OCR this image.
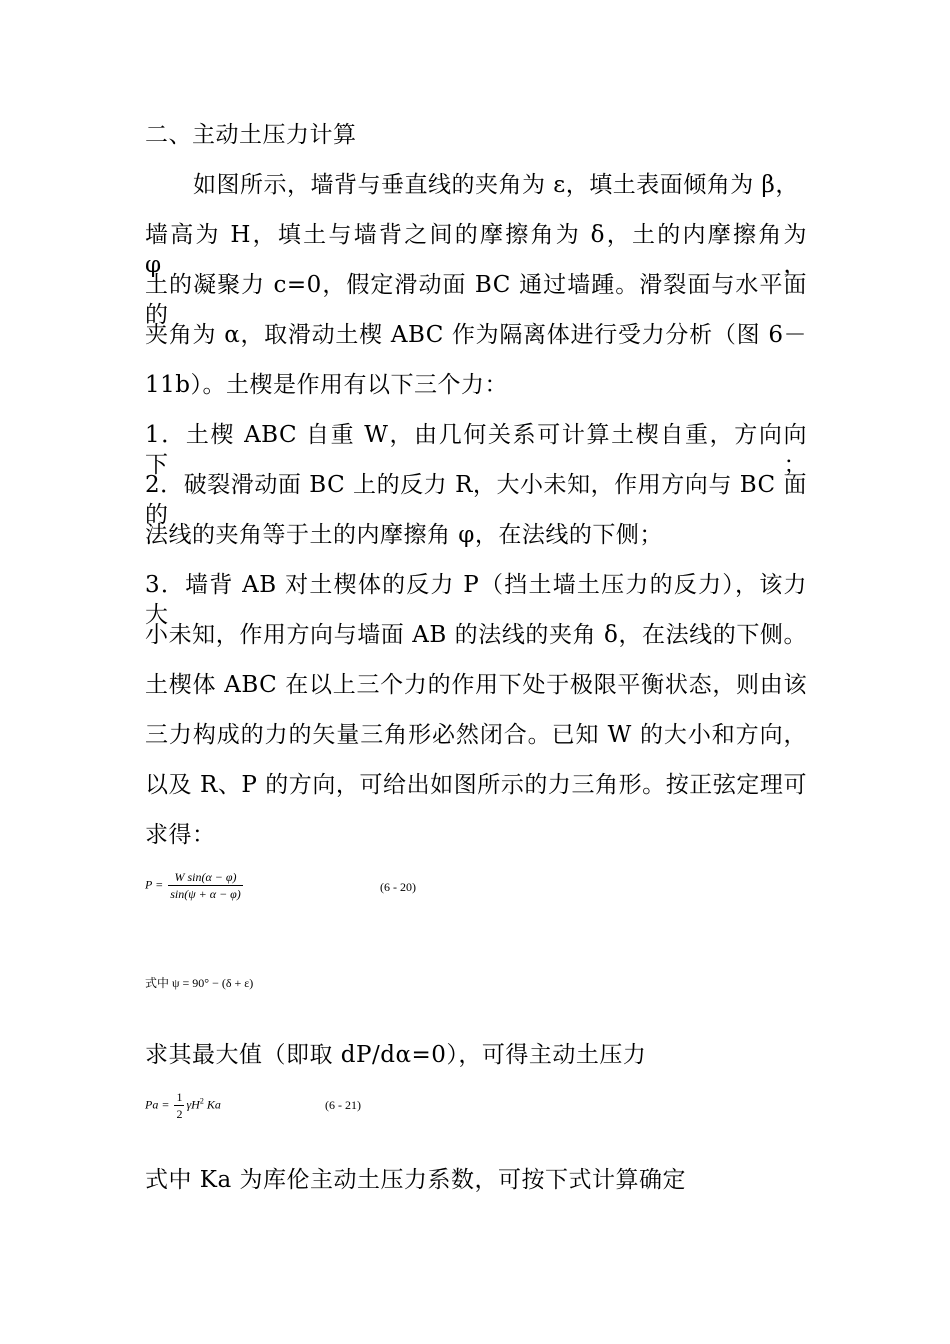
二、主动土压力计算
如图所示，墙背与垂直线的夹角为 ε，填土表面倾角为 β，
墙高为 H，填土与墙背之间的摩擦角为 δ，土的内摩擦角为 φ，
土的凝聚力 c=0，假定滑动面 BC 通过墙踵。滑裂面与水平面的
夹角为 α，取滑动土楔 ABC 作为隔离体进行受力分析（图 6－
11b）。土楔是作用有以下三个力：
1．土楔 ABC 自重 W，由几何关系可计算土楔自重，方向向下；
2．破裂滑动面 BC 上的反力 R，大小未知，作用方向与 BC 面的
法线的夹角等于土的内摩擦角 φ，在法线的下侧；
3．墙背 AB 对土楔体的反力 P（挡土墙土压力的反力），该力大
小未知，作用方向与墙面 AB 的法线的夹角 δ，在法线的下侧。
土楔体 ABC 在以上三个力的作用下处于极限平衡状态，则由该
三力构成的力的矢量三角形必然闭合。已知 W 的大小和方向，
以及 R、P 的方向，可给出如图所示的力三角形。按正弦定理可
求得：
$P = \frac{\text{W sin(α − φ)}}{\sin(\psi + \alpha - \varphi)}$	(6 - 20)
式中 ψ = 90° − (δ + ε)
求其最大值（即取 dP/dα=0），可得主动土压力
$Pa = \frac{1}{2} \gamma H^2$ Ka	(6 - 21)
式中 Ka 为库伦主动土压力系数，可按下式计算确定
